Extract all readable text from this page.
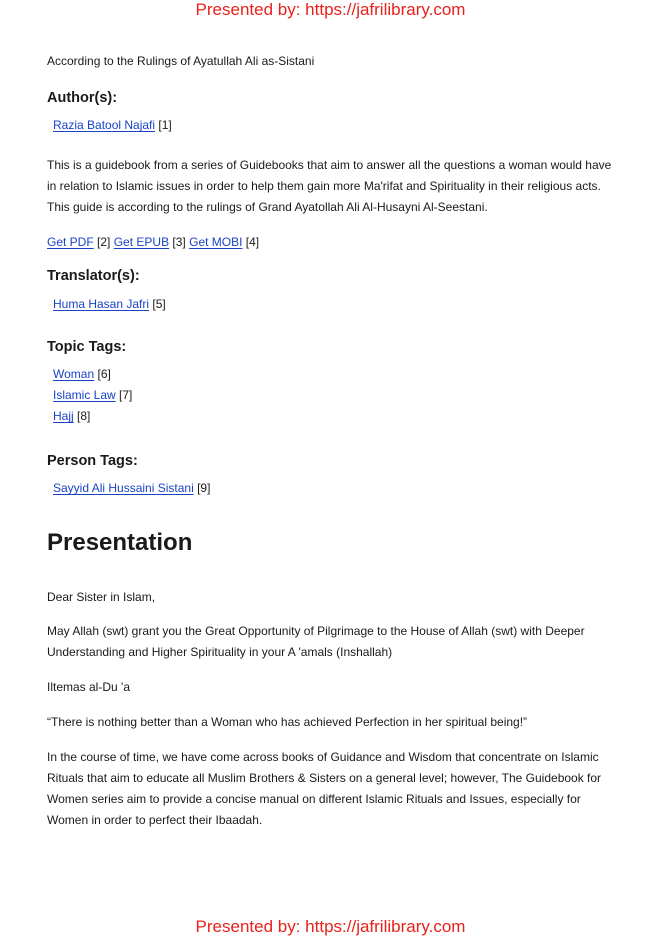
Presented by: https://jafrilibrary.com

According to the Rulings of Ayatullah Ali as-Sistani

Author(s):
Razia Batool Najafi [1]

This is a guidebook from a series of Guidebooks that aim to answer all the questions a woman would have in relation to Islamic issues in order to help them gain more Ma'rifat and Spirituality in their religious acts. This guide is according to the rulings of Grand Ayatollah Ali Al-Husayni Al-Seestani.

Get PDF [2] Get EPUB [3] Get MOBI [4]

Translator(s):
Huma Hasan Jafri [5]
Topic Tags:
Woman [6]
Islamic Law [7]
Hajj [8]
Person Tags:
Sayyid Ali Hussaini Sistani [9]
Presentation

Dear Sister in Islam,

May Allah (swt) grant you the Great Opportunity of Pilgrimage to the House of Allah (swt) with Deeper Understanding and Higher Spirituality in your A 'amals (Inshallah)

Iltemas al-Du 'a

“There is nothing better than a Woman who has achieved Perfection in her spiritual being!”

In the course of time, we have come across books of Guidance and Wisdom that concentrate on Islamic Rituals that aim to educate all Muslim Brothers & Sisters on a general level; however, The Guidebook for Women series aim to provide a concise manual on different Islamic Rituals and Issues, especially for Women in order to perfect their Ibaadah.

Presented by: https://jafrilibrary.com
